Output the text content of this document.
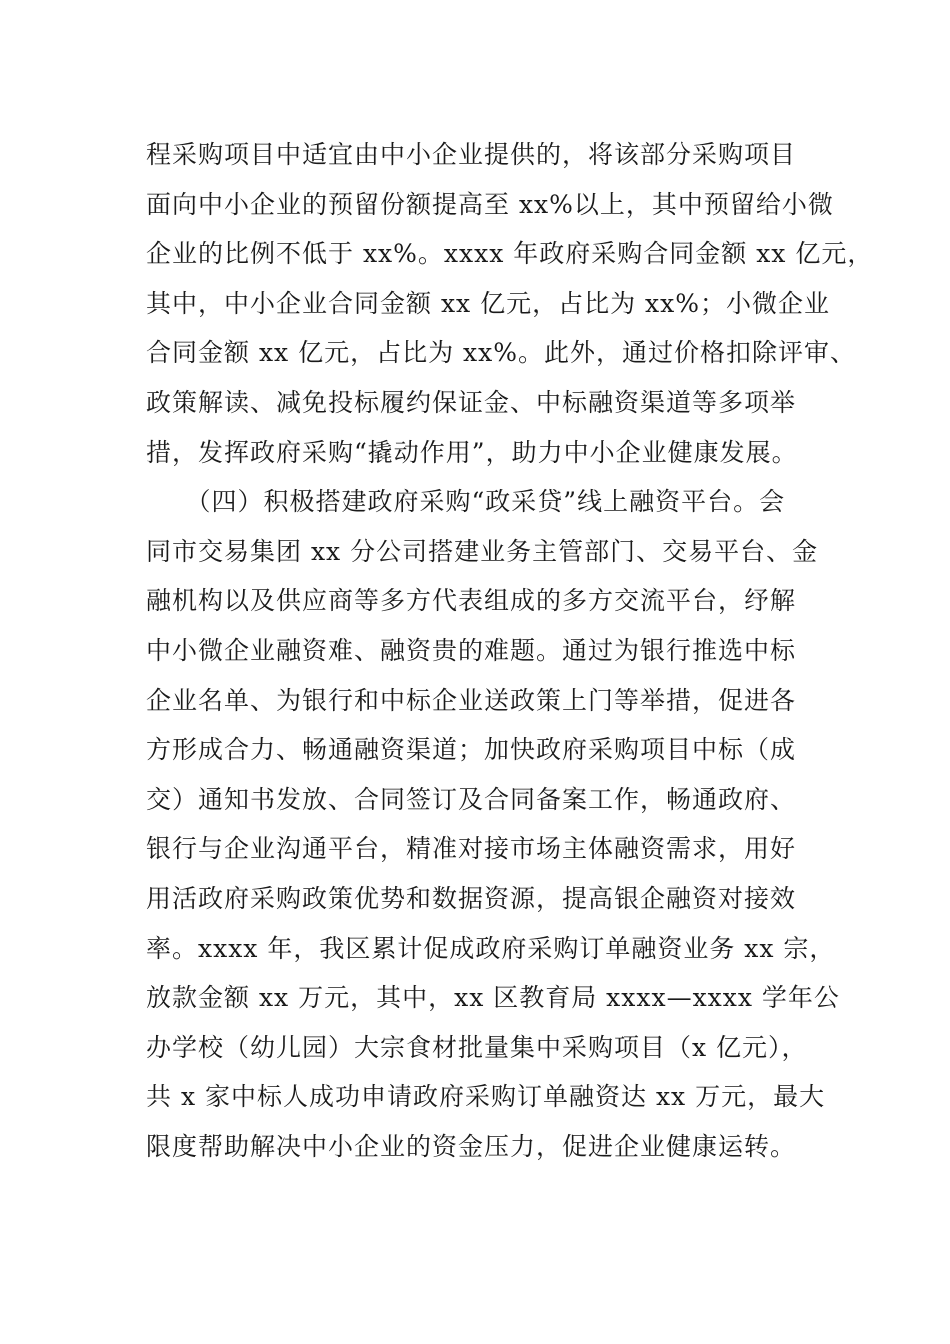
程采购项目中适宜由中小企业提供的，将该部分采购项目
面向中小企业的预留份额提高至 xx%以上，其中预留给小微
企业的比例不低于 xx%。xxxx 年政府采购合同金额 xx 亿元，
其中，中小企业合同金额 xx 亿元，占比为 xx%；小微企业
合同金额 xx 亿元，占比为 xx%。此外，通过价格扣除评审、
政策解读、减免投标履约保证金、中标融资渠道等多项举
措，发挥政府采购“撬动作用”，助力中小企业健康发展。
　　（四）积极搭建政府采购“政采贷”线上融资平台。会
同市交易集团 xx 分公司搭建业务主管部门、交易平台、金
融机构以及供应商等多方代表组成的多方交流平台，纾解
中小微企业融资难、融资贵的难题。通过为银行推选中标
企业名单、为银行和中标企业送政策上门等举措，促进各
方形成合力、畅通融资渠道；加快政府采购项目中标（成
交）通知书发放、合同签订及合同备案工作，畅通政府、
银行与企业沟通平台，精准对接市场主体融资需求，用好
用活政府采购政策优势和数据资源，提高银企融资对接效
率。xxxx 年，我区累计促成政府采购订单融资业务 xx 宗，
放款金额 xx 万元，其中，xx 区教育局 xxxx—xxxx 学年公
办学校（幼儿园）大宗食材批量集中采购项目（x 亿元），
共 x 家中标人成功申请政府采购订单融资达 xx 万元，最大
限度帮助解决中小企业的资金压力，促进企业健康运转。
